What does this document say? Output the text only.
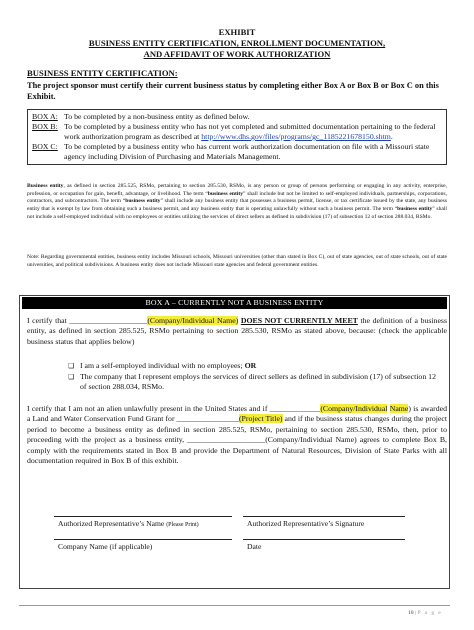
EXHIBIT
BUSINESS ENTITY CERTIFICATION, ENROLLMENT DOCUMENTATION,
AND AFFIDAVIT OF WORK AUTHORIZATION
BUSINESS ENTITY CERTIFICATION:
The project sponsor must certify their current business status by completing either Box A or Box B or Box C on this Exhibit.
BOX A: To be completed by a non-business entity as defined below.
BOX B: To be completed by a business entity who has not yet completed and submitted documentation pertaining to the federal work authorization program as described at http://www.dhs.gov/files/programs/gc_1185221678150.shtm.
BOX C: To be completed by a business entity who has current work authorization documentation on file with a Missouri state agency including Division of Purchasing and Materials Management.
Business entity, as defined in section 285.525, RSMo, pertaining to section 285.530, RSMo, is any person or group of persons performing or engaging in any activity, enterprise, profession, or occupation for gain, benefit, advantage, or livelihood. The term “business entity” shall include but not be limited to self-employed individuals, partnerships, corporations, contractors, and subcontractors. The term “business entity” shall include any business entity that possesses a business permit, license, or tax certificate issued by the state, any business entity that is exempt by law from obtaining such a business permit, and any business entity that is operating unlawfully without such a business permit. The term “business entity” shall not include a self-employed individual with no employees or entities utilizing the services of direct sellers as defined in subdivision (17) of subsection 12 of section 288.034, RSMo.
Note: Regarding governmental entities, business entity includes Missouri schools, Missouri universities (other than stated in Box C), out of state agencies, out of state schools, out of state universities, and political subdivisions. A business entity does not include Missouri state agencies and federal government entities.
BOX A – CURRENTLY NOT A BUSINESS ENTITY
I certify that ____________________(Company/Individual Name) DOES NOT CURRENTLY MEET the definition of a business entity, as defined in section 285.525, RSMo pertaining to section 285.530, RSMo as stated above, because: (check the applicable business status that applies below)
❏ I am a self-employed individual with no employees; OR
❏ The company that I represent employs the services of direct sellers as defined in subdivision (17) of subsection 12 of section 288.034, RSMo.
I certify that I am not an alien unlawfully present in the United States and if _____________(Company/Individual Name) is awarded a Land and Water Conservation Fund Grant for ________________(Project Title) and if the business status changes during the project period to become a business entity as defined in section 285.525, RSMo, pertaining to section 285.530, RSMo, then, prior to proceeding with the project as a business entity, ____________________(Company/Individual Name) agrees to complete Box B, comply with the requirements stated in Box B and provide the Department of Natural Resources, Division of State Parks with all documentation required in Box B of this exhibit.
Authorized Representative’s Name (Please Print)	Authorized Representative’s Signature
Company Name (if applicable)	Date
10 | P a g e
